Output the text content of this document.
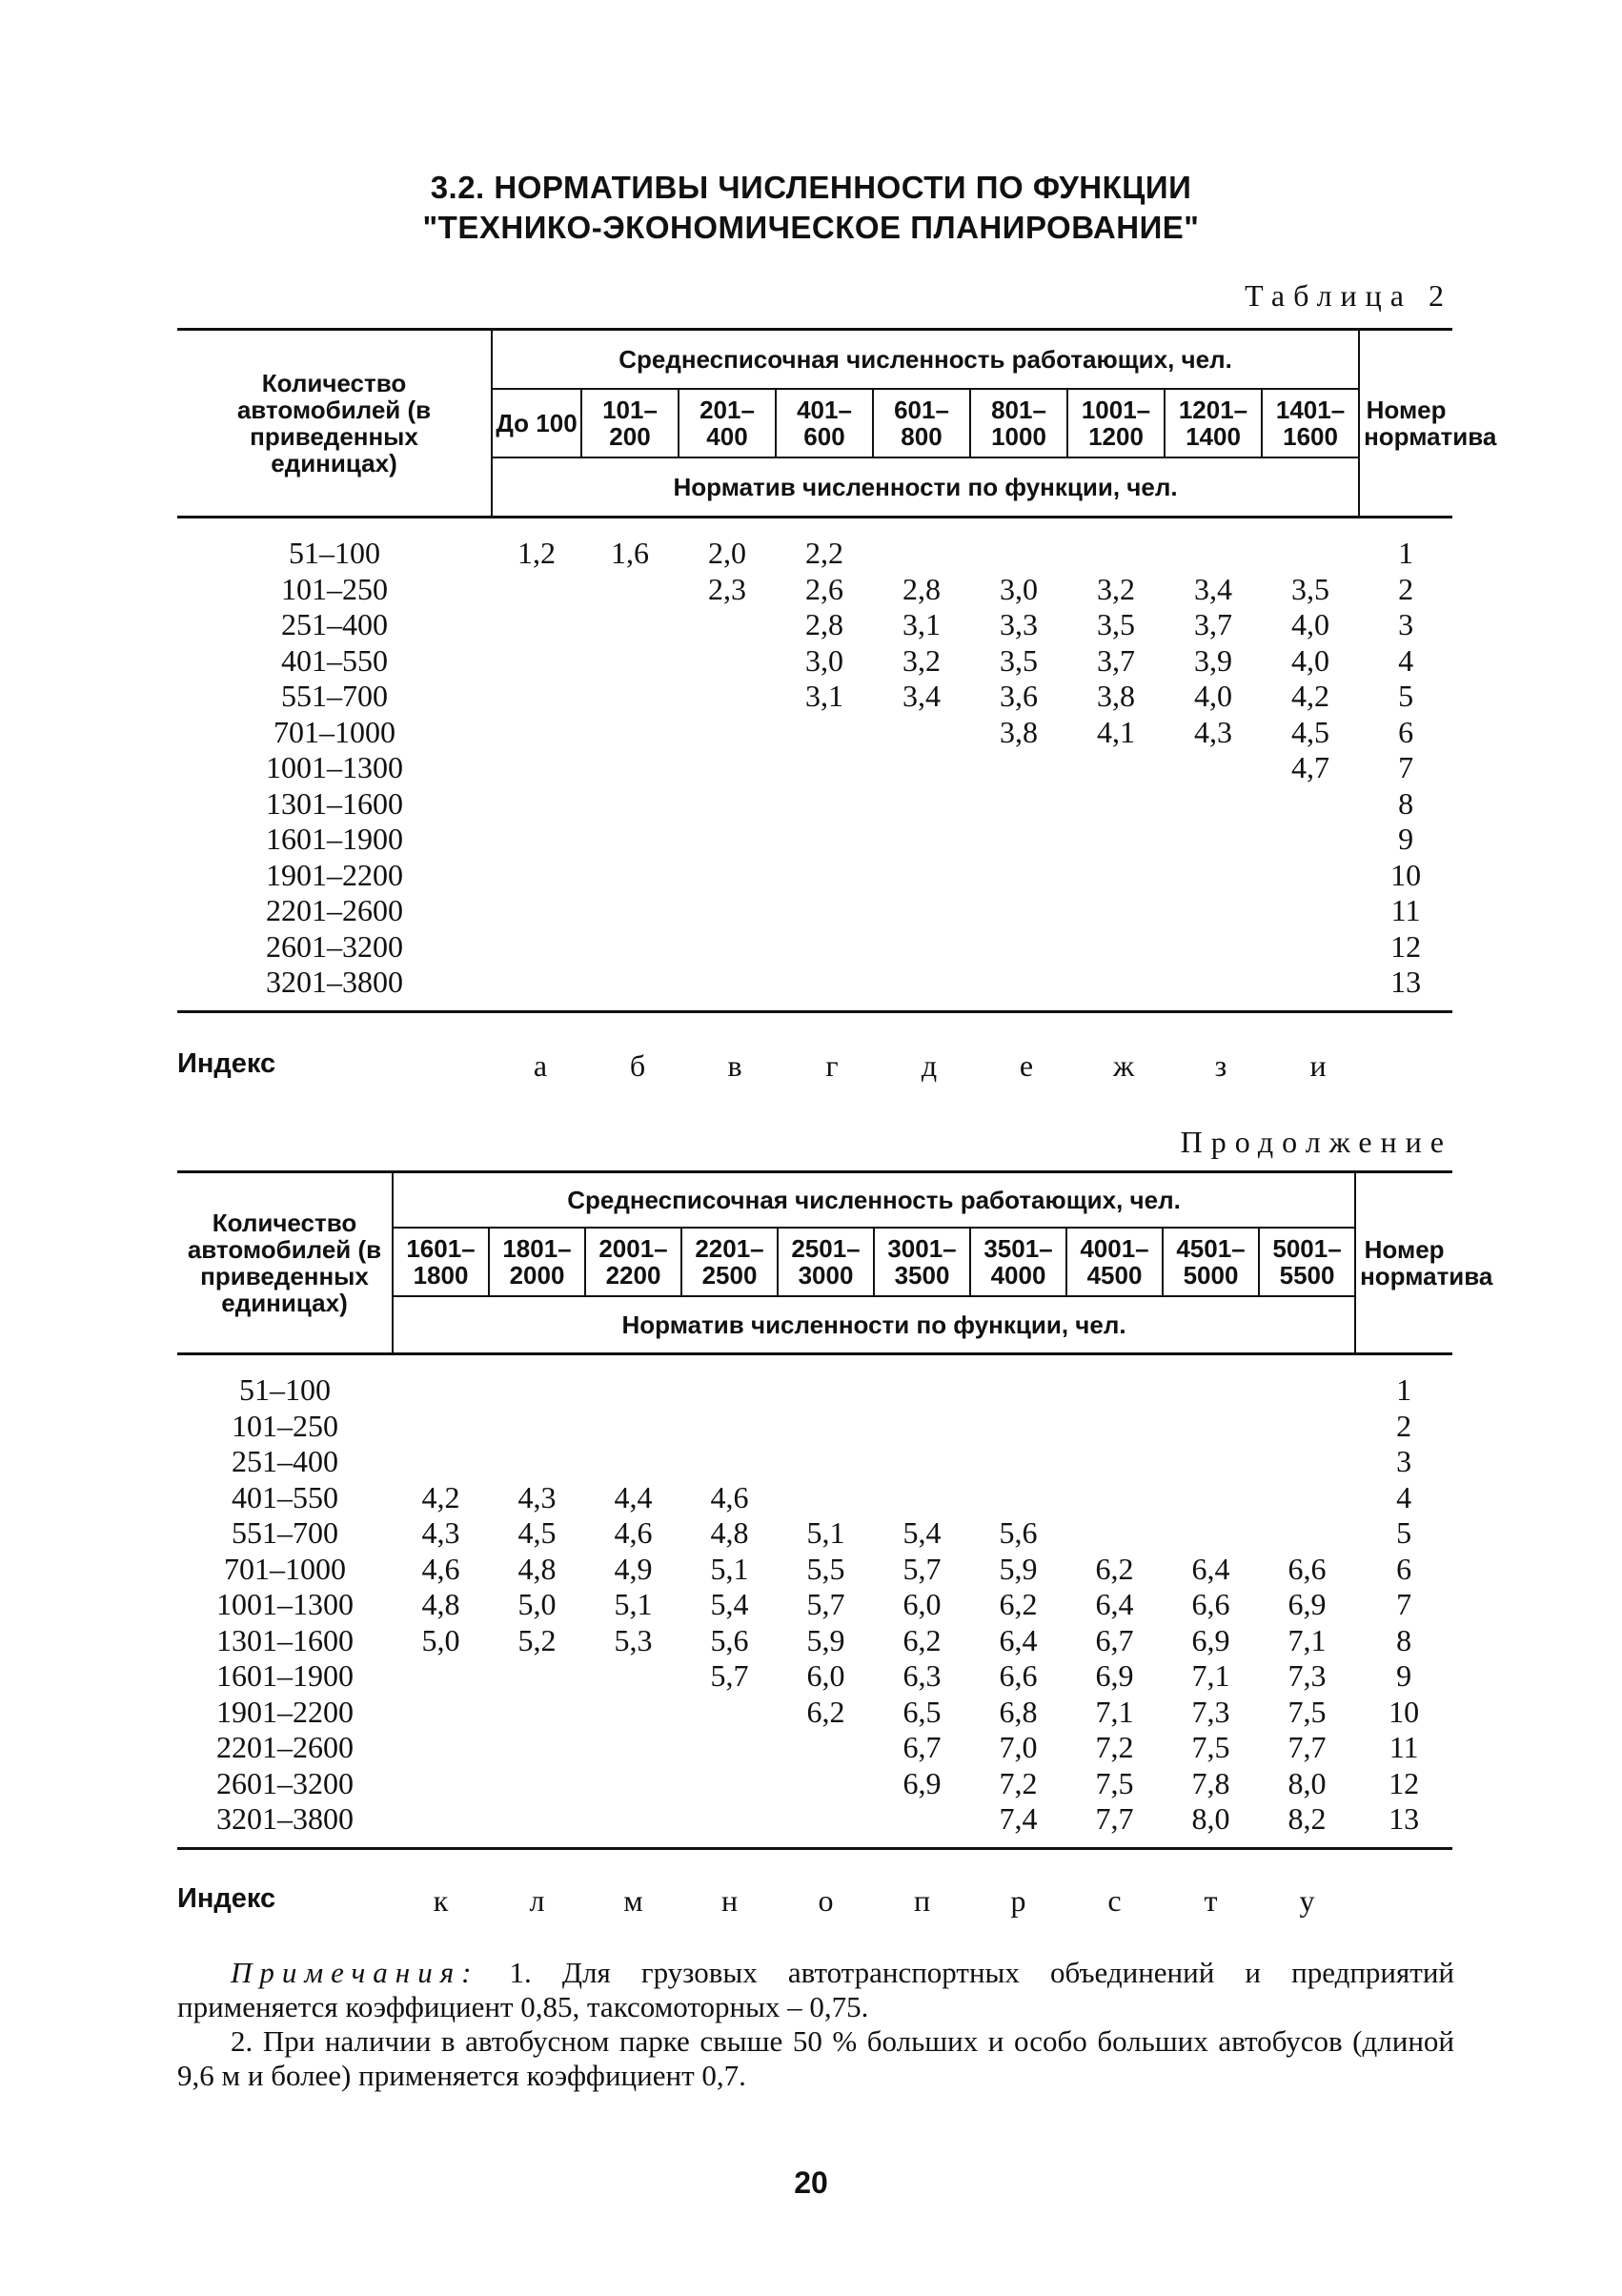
3.2. НОРМАТИВЫ ЧИСЛЕННОСТИ ПО ФУНКЦИИ
"ТЕХНИКО-ЭКОНОМИЧЕСКОЕ ПЛАНИРОВАНИЕ"
Таблица 2
Количество автомобилей (в приведенных единицах)	Среднесписочная численность работающих, чел.									Номер норматива
	До 100	101–200	201–400	401–600	601–800	801–1000	1001–1200	1201–1400	1401–1600	
	Норматив численности по функции, чел.									
51–100	1,2	1,6	2,0	2,2						1
101–250			2,3	2,6	2,8	3,0	3,2	3,4	3,5	2
251–400				2,8	3,1	3,3	3,5	3,7	4,0	3
401–550				3,0	3,2	3,5	3,7	3,9	4,0	4
551–700				3,1	3,4	3,6	3,8	4,0	4,2	5
701–1000						3,8	4,1	4,3	4,5	6
1001–1300									4,7	7
1301–1600										8
1601–1900										9
1901–2200										10
2201–2600										11
2601–3200										12
3201–3800										13
Индекс	а	б	в	г	д	е	ж	з	и
Продолжение
Количество автомобилей (в приведенных единицах)	Среднесписочная численность работающих, чел.										Номер норматива
	1601–1800	1801–2000	2001–2200	2201–2500	2501–3000	3001–3500	3501–4000	4001–4500	4501–5000	5001–5500	
	Норматив численности по функции, чел.										
51–100											1
101–250											2
251–400											3
401–550	4,2	4,3	4,4	4,6							4
551–700	4,3	4,5	4,6	4,8	5,1	5,4	5,6				5
701–1000	4,6	4,8	4,9	5,1	5,5	5,7	5,9	6,2	6,4	6,6	6
1001–1300	4,8	5,0	5,1	5,4	5,7	6,0	6,2	6,4	6,6	6,9	7
1301–1600	5,0	5,2	5,3	5,6	5,9	6,2	6,4	6,7	6,9	7,1	8
1601–1900				5,7	6,0	6,3	6,6	6,9	7,1	7,3	9
1901–2200					6,2	6,5	6,8	7,1	7,3	7,5	10
2201–2600						6,7	7,0	7,2	7,5	7,7	11
2601–3200						6,9	7,2	7,5	7,8	8,0	12
3201–3800							7,4	7,7	8,0	8,2	13
Индекс	к	л	м	н	о	п	р	с	т	у

Примечания: 1. Для грузовых автотранспортных объединений и предприятий применяется коэффициент 0,85, таксомоторных – 0,75.

2. При наличии в автобусном парке свыше 50 % больших и особо больших автобусов (длиной 9,6 м и более) применяется коэффициент 0,7.

20
